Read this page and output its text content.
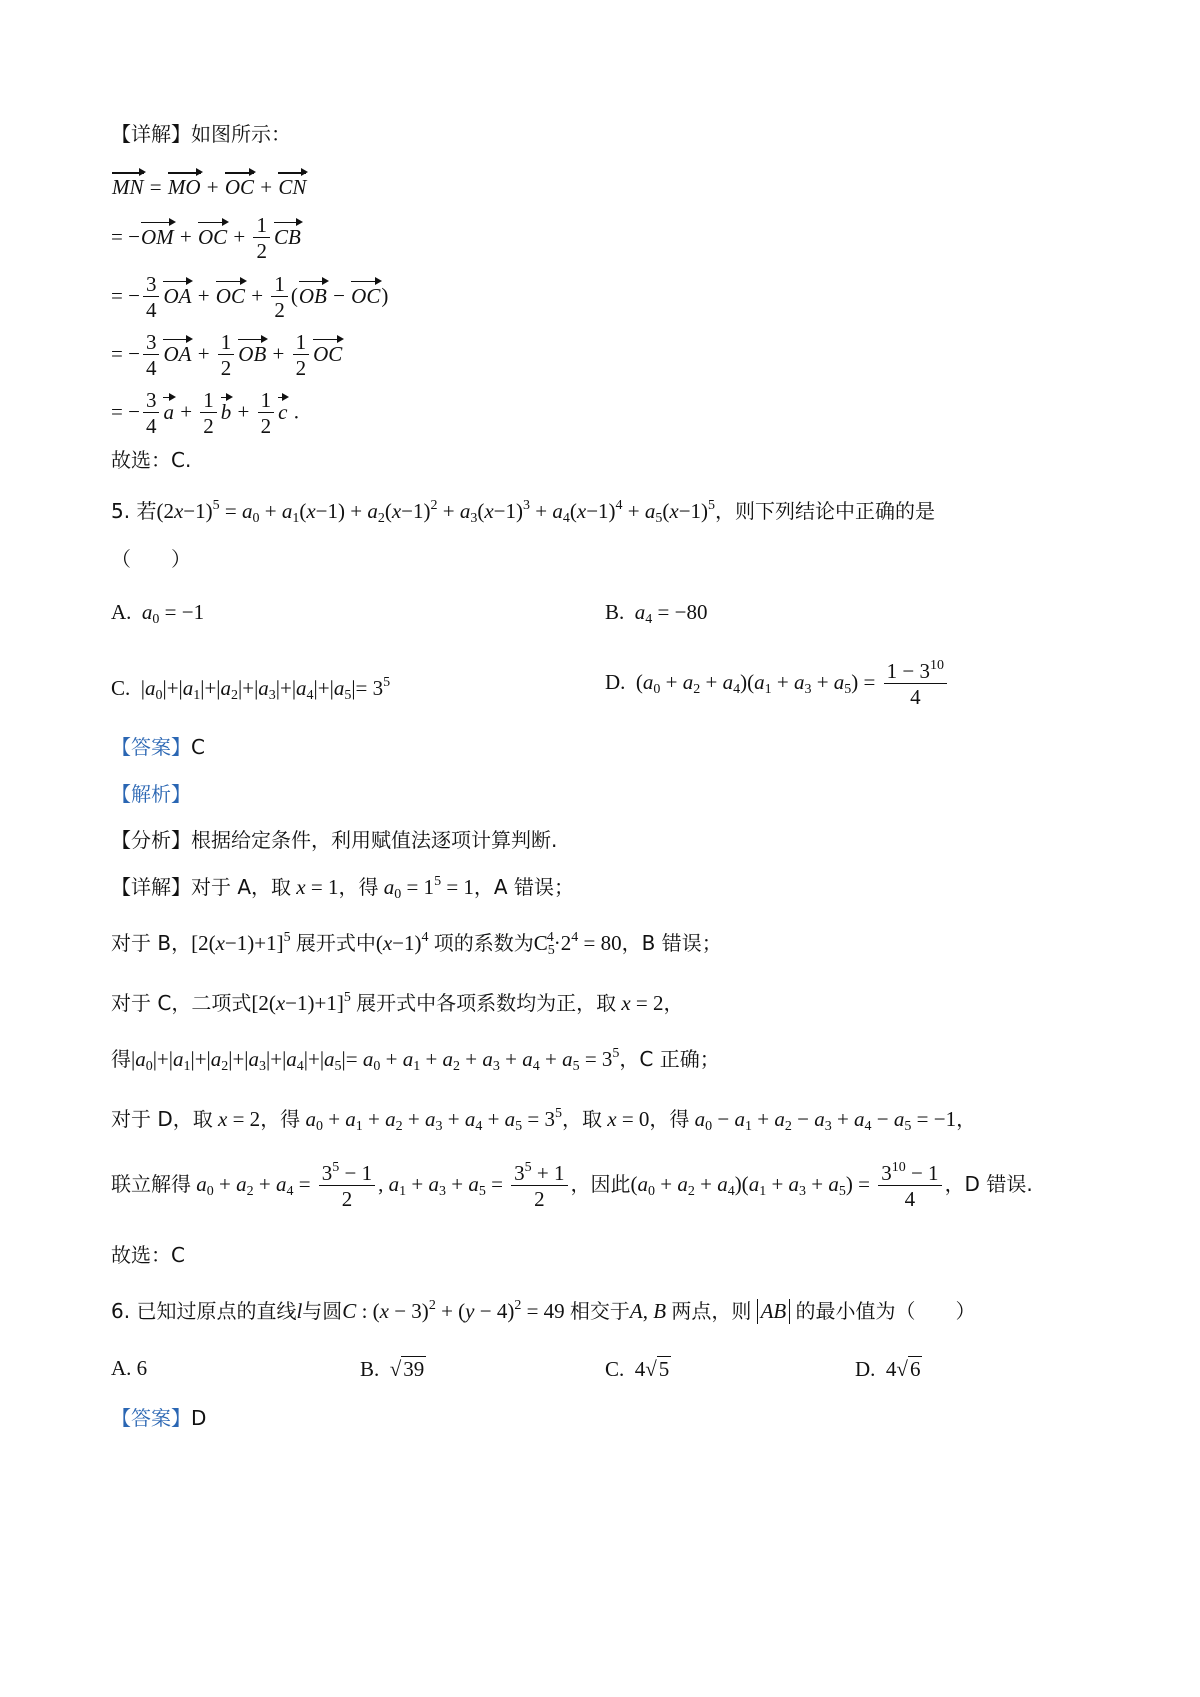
【详解】如图所示：
MN = MO + OC + CN
= −OM + OC + $\frac{1}{2}$ CB
= − $\frac{3}{4}$ OA + OC + $\frac{1}{2} (OB - OC)$
= − $\frac{3}{4}$ OA + $\frac{1}{2}$ OB + $\frac{1}{2}$ OC
= − $\frac{3}{4}$ $a + \frac{1}{2}$ $b + \frac{1}{2}$ c .
故选：C.
5. 若$(2x-1)^5 = a_0 + a_1(x-1) + a_2(x-1)^2 + a_3(x-1)^3 + a_4(x-1)^4 + a_5(x-1)^5$，则下列结论中正确的是
（　　）
A. $a_0 = -1$	B. $a_4 = -80$
C.  $|a_0|+|a_1|+|a_2|+|a_3|+|a_4|+|a_5|= 3^5$	D.  $(a_0 + a_2 + a_4)(a_1 + a_3 + a_5) = \frac{1 - 3^{10}}{4}$
【答案】C
【解析】
【分析】根据给定条件，利用赋值法逐项计算判断.
【详解】对于 A，取 x = 1，得 $a_0 = 1^5 = 1$，A 错误；
对于 B，$[2(x-1)+1]^5$ 展开式中$(x-1)^4$ 项的系数为$C_5^4\cdot 2^4 = 80$，B 错误；
对于 C，二项式$[2(x-1)+1]^5$ 展开式中各项系数均为正，取 x = 2，
得$|a_0|+|a_1|+|a_2|+|a_3|+|a_4|+|a_5|= a_0 + a_1 + a_2 + a_3 + a_4 + a_5 = 3^5$，C 正确；
对于 D，取 x = 2，得 $a_0 + a_1 + a_2 + a_3 + a_4 + a_5 = 3^5$，取 x = 0，得 $a_0 - a_1 + a_2 - a_3 + a_4 - a_5 = -1$，
联立解得 $a_0 + a_2 + a_4 = \frac{3^5 - 1}{2}$ , $a_1 + a_3 + a_5 = \frac{3^5 + 1}{2}$ ，因此$(a_0 + a_2 + a_4)(a_1 + a_3 + a_5) = \frac{3^{10} - 1}{4}$ ，D 错误.
故选：C
6. 已知过原点的直线l与圆C : $(x - 3)^2 + (y - 4)^2 = 49$ 相交于A, B 两点，则 AB 的最小值为（　　）
A. 6	B.  √39	C.  4√5	D.  4√6
【答案】D
